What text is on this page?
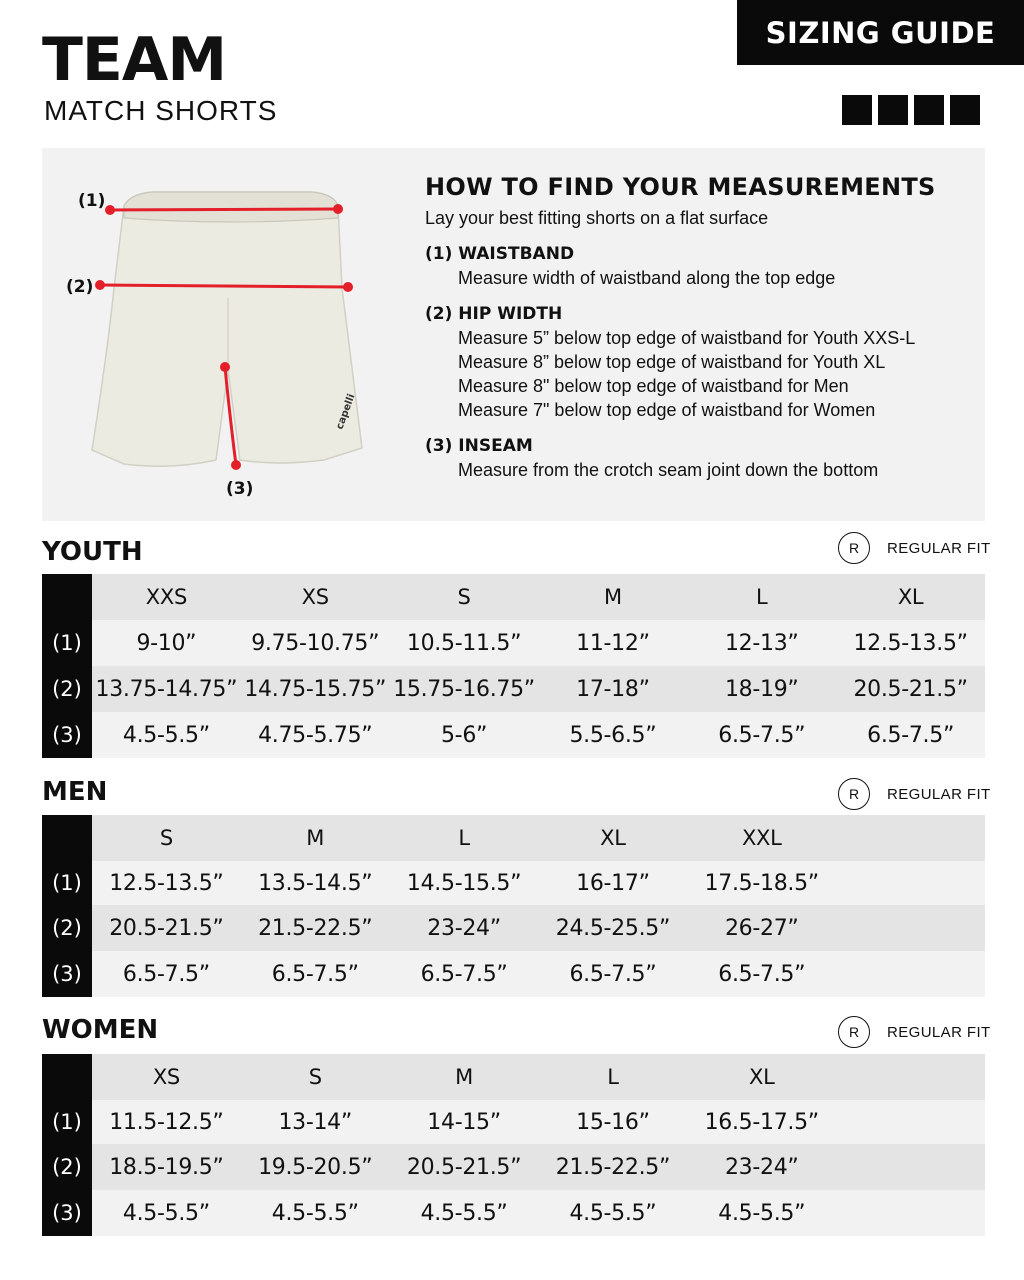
TEAM
MATCH SHORTS
SIZING GUIDE
capelli
(1)
(2)
(3)
HOW TO FIND YOUR MEASUREMENTS
Lay your best fitting shorts on a flat surface
(1) WAISTBAND
Measure width of waistband along the top edge
(2) HIP WIDTH
Measure 5” below top edge of waistband for Youth XXS-L
Measure 8” below top edge of waistband for Youth XL
Measure 8" below top edge of waistband for Men
Measure 7" below top edge of waistband for Women
(3) INSEAM
Measure from the crotch seam joint down the bottom
YOUTH	R	REGULAR FIT
XXS	XS	S	M	L	XL
(1)	9-10”	9.75-10.75”	10.5-11.5”	11-12”	12-13”	12.5-13.5”
(2) 13.75-14.75” 14.75-15.75” 15.75-16.75”	17-18”	18-19”	20.5-21.5”
(3)	4.5-5.5”	4.75-5.75”	5-6”	5.5-6.5”	6.5-7.5”	6.5-7.5”
MEN	R	REGULAR FIT
S	M	L	XL	XXL
(1)	12.5-13.5”	13.5-14.5”	14.5-15.5”	16-17”	17.5-18.5”
(2)	20.5-21.5”	21.5-22.5”	23-24”	24.5-25.5”	26-27”
(3)	6.5-7.5”	6.5-7.5”	6.5-7.5”	6.5-7.5”	6.5-7.5”
WOMEN	R	REGULAR FIT
XS	S	M	L	XL
(1)	11.5-12.5”	13-14”	14-15”	15-16”	16.5-17.5”
(2)	18.5-19.5”	19.5-20.5”	20.5-21.5”	21.5-22.5”	23-24”
(3)	4.5-5.5”	4.5-5.5”	4.5-5.5”	4.5-5.5”	4.5-5.5”
